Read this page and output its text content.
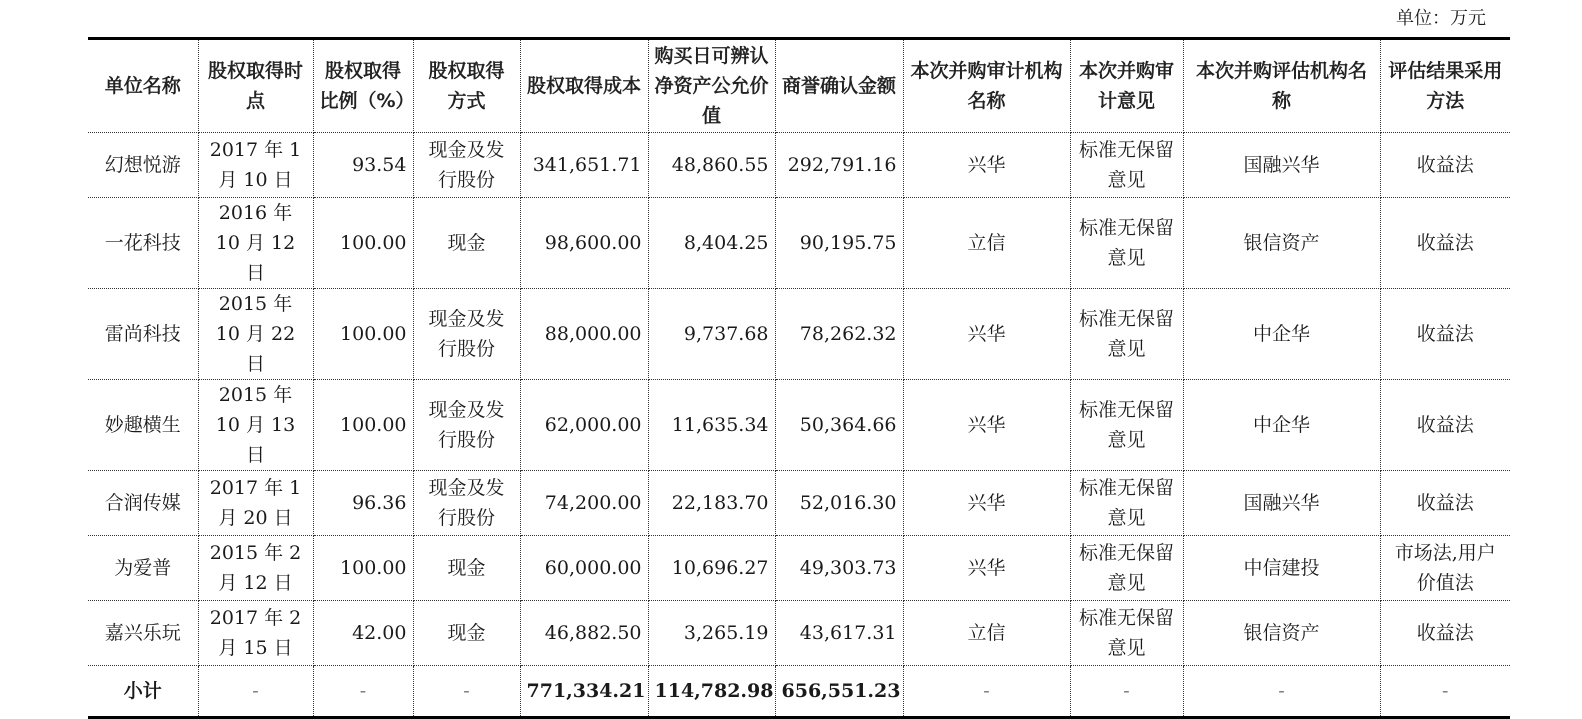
单位：万元
单位名称	股权取得时点	股权取得比例（%）	股权取得方式	股权取得成本	购买日可辨认净资产公允价值	商誉确认金额	本次并购审计机构名称	本次并购审计意见	本次并购评估机构名称	评估结果采用方法
幻想悦游	2017 年 1 月 10 日	93.54	现金及发行股份	341,651.71	48,860.55	292,791.16	兴华	标准无保留意见	国融兴华	收益法
一花科技	2016 年 10 月 12 日	100.00	现金	98,600.00	8,404.25	90,195.75	立信	标准无保留意见	银信资产	收益法
雷尚科技	2015 年 10 月 22 日	100.00	现金及发行股份	88,000.00	9,737.68	78,262.32	兴华	标准无保留意见	中企华	收益法
妙趣横生	2015 年 10 月 13 日	100.00	现金及发行股份	62,000.00	11,635.34	50,364.66	兴华	标准无保留意见	中企华	收益法
合润传媒	2017 年 1 月 20 日	96.36	现金及发行股份	74,200.00	22,183.70	52,016.30	兴华	标准无保留意见	国融兴华	收益法
为爱普	2015 年 2 月 12 日	100.00	现金	60,000.00	10,696.27	49,303.73	兴华	标准无保留意见	中信建投	市场法,用户价值法
嘉兴乐玩	2017 年 2 月 15 日	42.00	现金	46,882.50	3,265.19	43,617.31	立信	标准无保留意见	银信资产	收益法
小计	-	-	-	771,334.21	114,782.98	656,551.23	-	-	-	-
